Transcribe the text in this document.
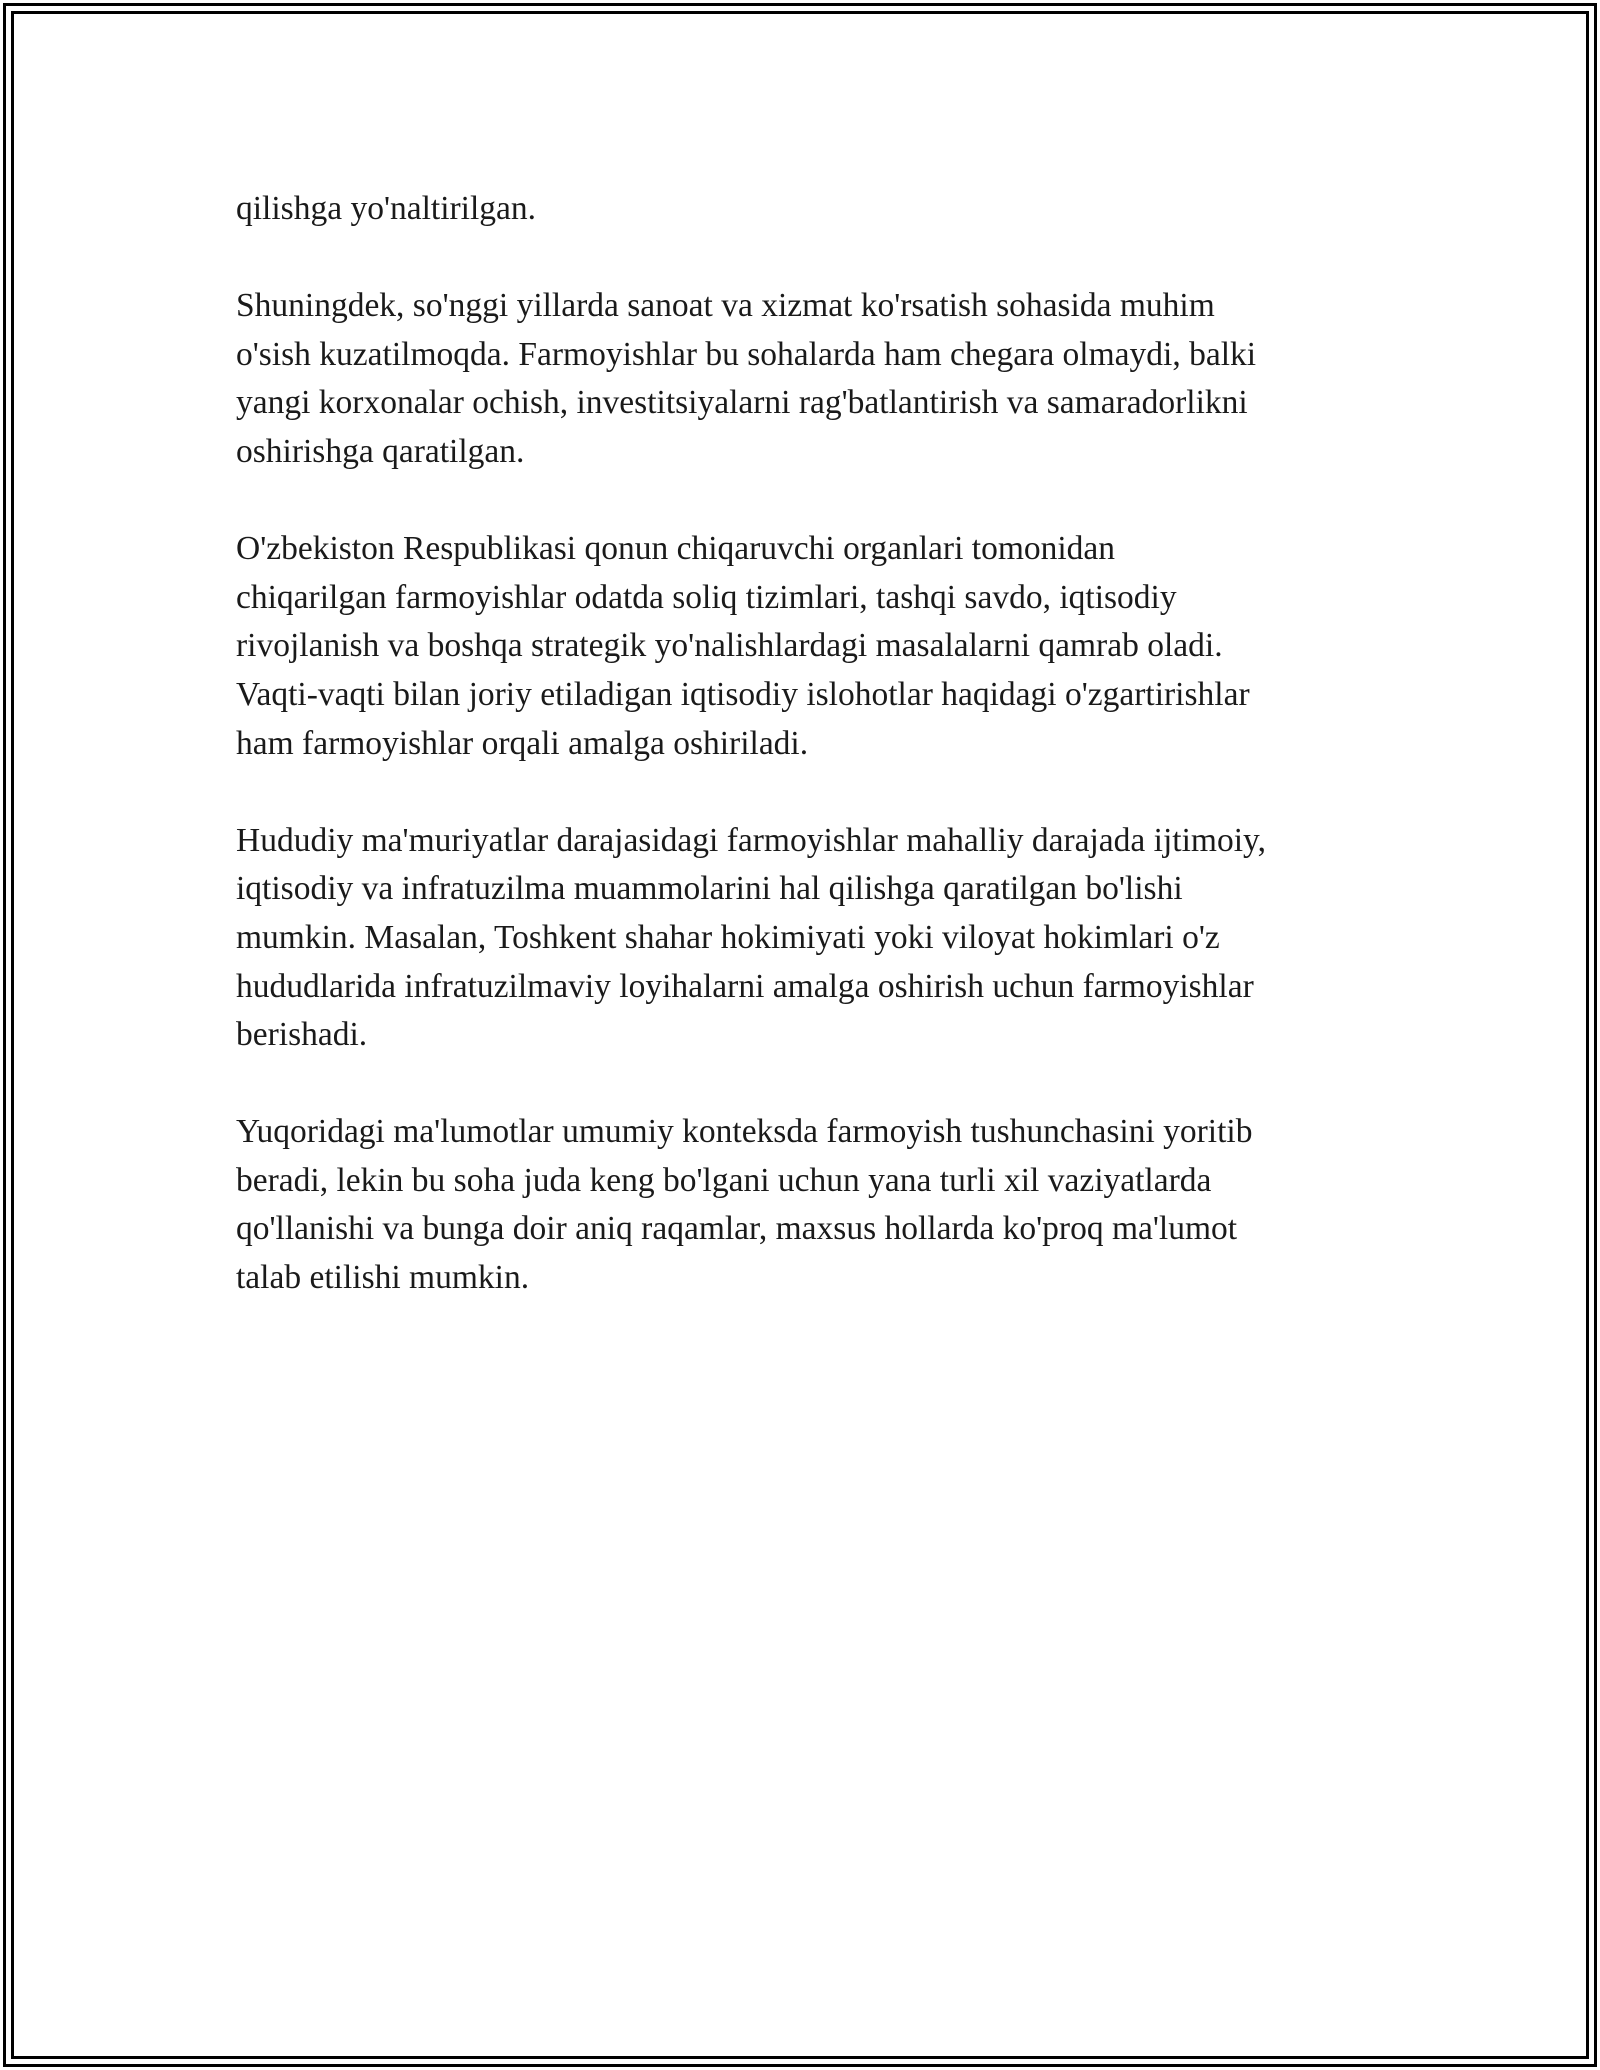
qilishga yo'naltirilgan.

Shuningdek, so'nggi yillarda sanoat va xizmat ko'rsatish sohasida muhim
o'sish kuzatilmoqda. Farmoyishlar bu sohalarda ham chegara olmaydi, balki
yangi korxonalar ochish, investitsiyalarni rag'batlantirish va samaradorlikni
oshirishga qaratilgan.

O'zbekiston Respublikasi qonun chiqaruvchi organlari tomonidan
chiqarilgan farmoyishlar odatda soliq tizimlari, tashqi savdo, iqtisodiy
rivojlanish va boshqa strategik yo'nalishlardagi masalalarni qamrab oladi.
Vaqti-vaqti bilan joriy etiladigan iqtisodiy islohotlar haqidagi o'zgartirishlar
ham farmoyishlar orqali amalga oshiriladi.

Hududiy ma'muriyatlar darajasidagi farmoyishlar mahalliy darajada ijtimoiy,
iqtisodiy va infratuzilma muammolarini hal qilishga qaratilgan bo'lishi
mumkin. Masalan, Toshkent shahar hokimiyati yoki viloyat hokimlari o'z
hududlarida infratuzilmaviy loyihalarni amalga oshirish uchun farmoyishlar
berishadi.

Yuqoridagi ma'lumotlar umumiy konteksda farmoyish tushunchasini yoritib
beradi, lekin bu soha juda keng bo'lgani uchun yana turli xil vaziyatlarda
qo'llanishi va bunga doir aniq raqamlar, maxsus hollarda ko'proq ma'lumot
talab etilishi mumkin.
